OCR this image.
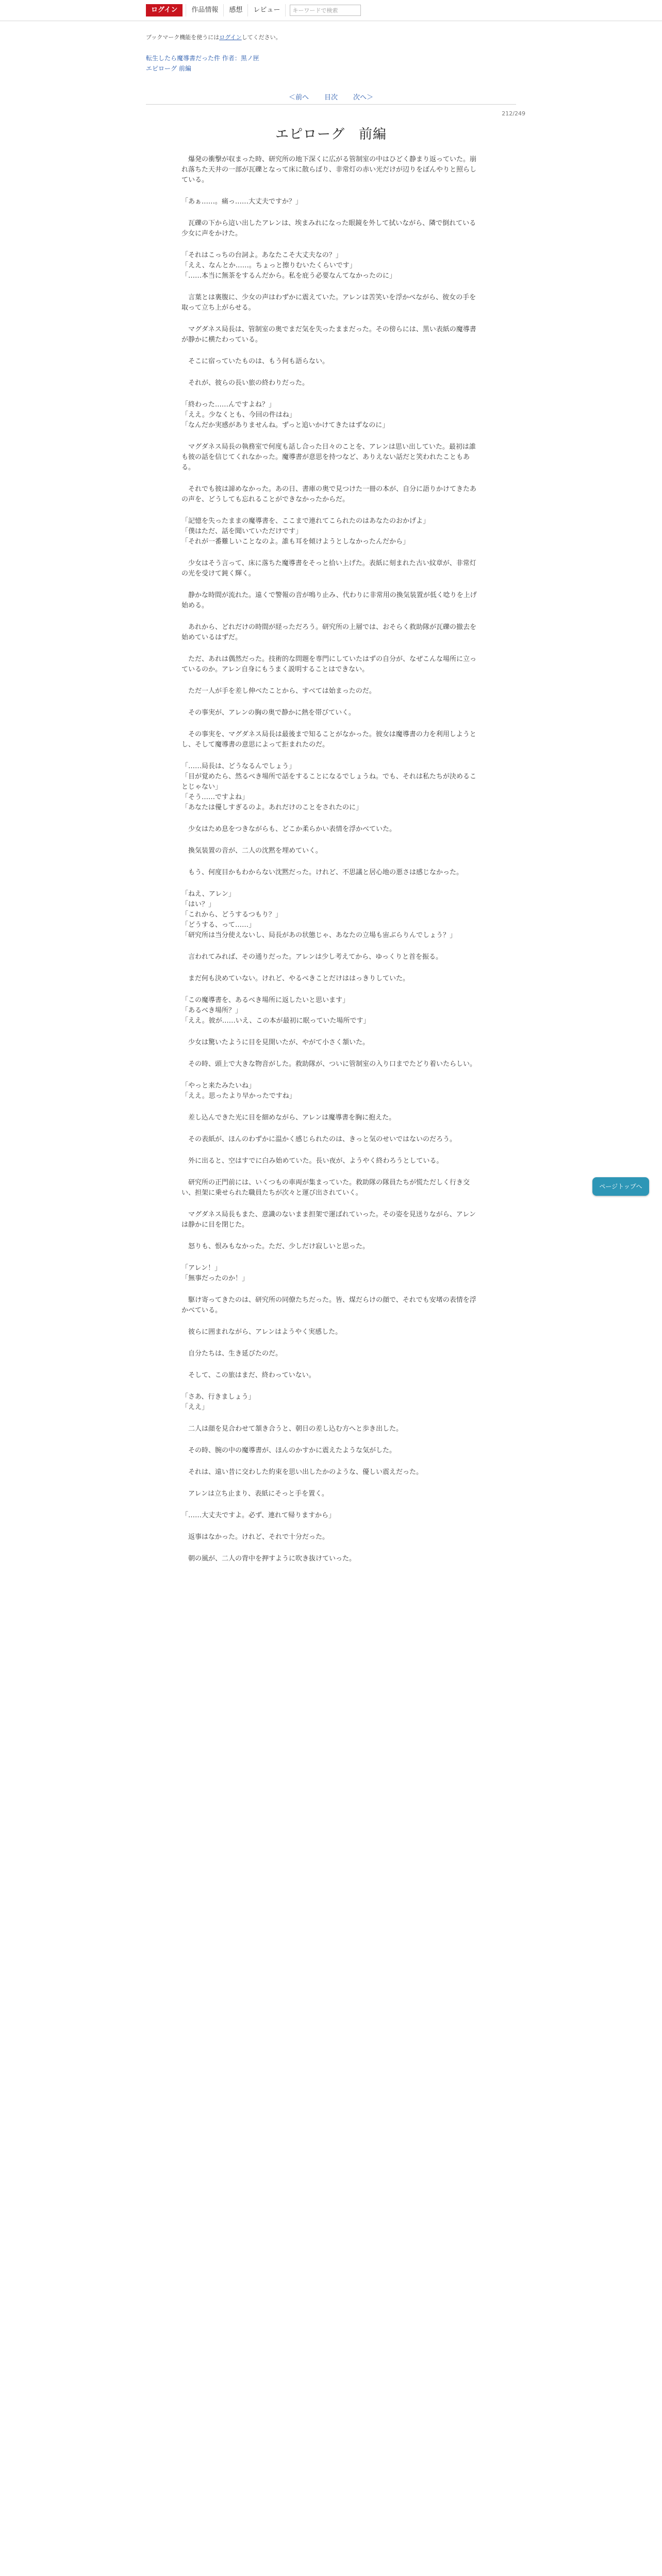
ログイン	作品情報	感想	レビュー
キーワードで検索
ブックマーク機能を使うにはログインしてください。
転生したら魔導書だった件 作者：黒ノ匣
エピローグ 前編
＜前へ 目次 次へ＞
212/249
エピローグ　前編

　爆発の衝撃が収まった時、研究所の地下深くに広がる管制室の中はひどく静まり返っていた。崩れ落ちた天井の一部が瓦礫となって床に散らばり、非常灯の赤い光だけが辺りをぼんやりと照らしている。

「あぁ……。痛っ……大丈夫ですか？」

　瓦礫の下から這い出したアレンは、埃まみれになった眼鏡を外して拭いながら、隣で倒れている少女に声をかけた。

「それはこっちの台詞よ。あなたこそ大丈夫なの？」
「ええ、なんとか……。ちょっと擦りむいたくらいです」
「……本当に無茶をするんだから。私を庇う必要なんてなかったのに」

　言葉とは裏腹に、少女の声はわずかに震えていた。アレンは苦笑いを浮かべながら、彼女の手を取って立ち上がらせる。

　マグダネス局長は、管制室の奥でまだ気を失ったままだった。その傍らには、黒い表紙の魔導書が静かに横たわっている。

　そこに宿っていたものは、もう何も語らない。

　それが、彼らの長い旅の終わりだった。

「終わった……んですよね？」
「ええ。少なくとも、今回の件はね」
「なんだか実感がありませんね。ずっと追いかけてきたはずなのに」

　マグダネス局長の執務室で何度も話し合った日々のことを、アレンは思い出していた。最初は誰も彼の話を信じてくれなかった。魔導書が意思を持つなど、ありえない話だと笑われたこともある。

　それでも彼は諦めなかった。あの日、書庫の奥で見つけた一冊の本が、自分に語りかけてきたあの声を、どうしても忘れることができなかったからだ。

「記憶を失ったままの魔導書を、ここまで連れてこられたのはあなたのおかげよ」
「僕はただ、話を聞いていただけです」
「それが一番難しいことなのよ。誰も耳を傾けようとしなかったんだから」

　少女はそう言って、床に落ちた魔導書をそっと拾い上げた。表紙に刻まれた古い紋章が、非常灯の光を受けて鈍く輝く。

　静かな時間が流れた。遠くで警報の音が鳴り止み、代わりに非常用の換気装置が低く唸りを上げ始める。

　あれから、どれだけの時間が経っただろう。研究所の上層では、おそらく救助隊が瓦礫の撤去を始めているはずだ。

　ただ、あれは偶然だった。技術的な問題を専門にしていたはずの自分が、なぜこんな場所に立っているのか。アレン自身にもうまく説明することはできない。

　ただ一人が手を差し伸べたことから、すべては始まったのだ。

　その事実が、アレンの胸の奥で静かに熱を帯びていく。

　その事実を、マグダネス局長は最後まで知ることがなかった。彼女は魔導書の力を利用しようとし、そして魔導書の意思によって拒まれたのだ。

「……局長は、どうなるんでしょう」
「目が覚めたら、然るべき場所で話をすることになるでしょうね。でも、それは私たちが決めることじゃない」
「そう……ですよね」
「あなたは優しすぎるのよ。あれだけのことをされたのに」

　少女はため息をつきながらも、どこか柔らかい表情を浮かべていた。

　換気装置の音が、二人の沈黙を埋めていく。

　もう、何度目かもわからない沈黙だった。けれど、不思議と居心地の悪さは感じなかった。

「ねえ、アレン」
「はい？」
「これから、どうするつもり？」
「どうする、って……」
「研究所は当分使えないし、局長があの状態じゃ、あなたの立場も宙ぶらりんでしょう？」

　言われてみれば、その通りだった。アレンは少し考えてから、ゆっくりと首を振る。

　まだ何も決めていない。けれど、やるべきことだけははっきりしていた。

「この魔導書を、あるべき場所に返したいと思います」
「あるべき場所？」
「ええ。彼が……いえ、この本が最初に眠っていた場所です」

　少女は驚いたように目を見開いたが、やがて小さく頷いた。

　その時、頭上で大きな物音がした。救助隊が、ついに管制室の入り口までたどり着いたらしい。

「やっと来たみたいね」
「ええ。思ったより早かったですね」

　差し込んできた光に目を細めながら、アレンは魔導書を胸に抱えた。

　その表紙が、ほんのわずかに温かく感じられたのは、きっと気のせいではないのだろう。

　外に出ると、空はすでに白み始めていた。長い夜が、ようやく終わろうとしている。

　研究所の正門前には、いくつもの車両が集まっていた。救助隊の隊員たちが慌ただしく行き交い、担架に乗せられた職員たちが次々と運び出されていく。

　マグダネス局長もまた、意識のないまま担架で運ばれていった。その姿を見送りながら、アレンは静かに目を閉じた。

　怒りも、恨みもなかった。ただ、少しだけ寂しいと思った。

「アレン！」
「無事だったのか！」

　駆け寄ってきたのは、研究所の同僚たちだった。皆、煤だらけの顔で、それでも安堵の表情を浮かべている。

　彼らに囲まれながら、アレンはようやく実感した。

　自分たちは、生き延びたのだ。

　そして、この旅はまだ、終わっていない。

「さあ、行きましょう」
「ええ」

　二人は顔を見合わせて頷き合うと、朝日の差し込む方へと歩き出した。

　その時、腕の中の魔導書が、ほんのかすかに震えたような気がした。

　それは、遠い昔に交わした約束を思い出したかのような、優しい震えだった。

　アレンは立ち止まり、表紙にそっと手を置く。

「……大丈夫ですよ。必ず、連れて帰りますから」

　返事はなかった。けれど、それで十分だった。

　朝の風が、二人の背中を押すように吹き抜けていった。

ページトップへ
